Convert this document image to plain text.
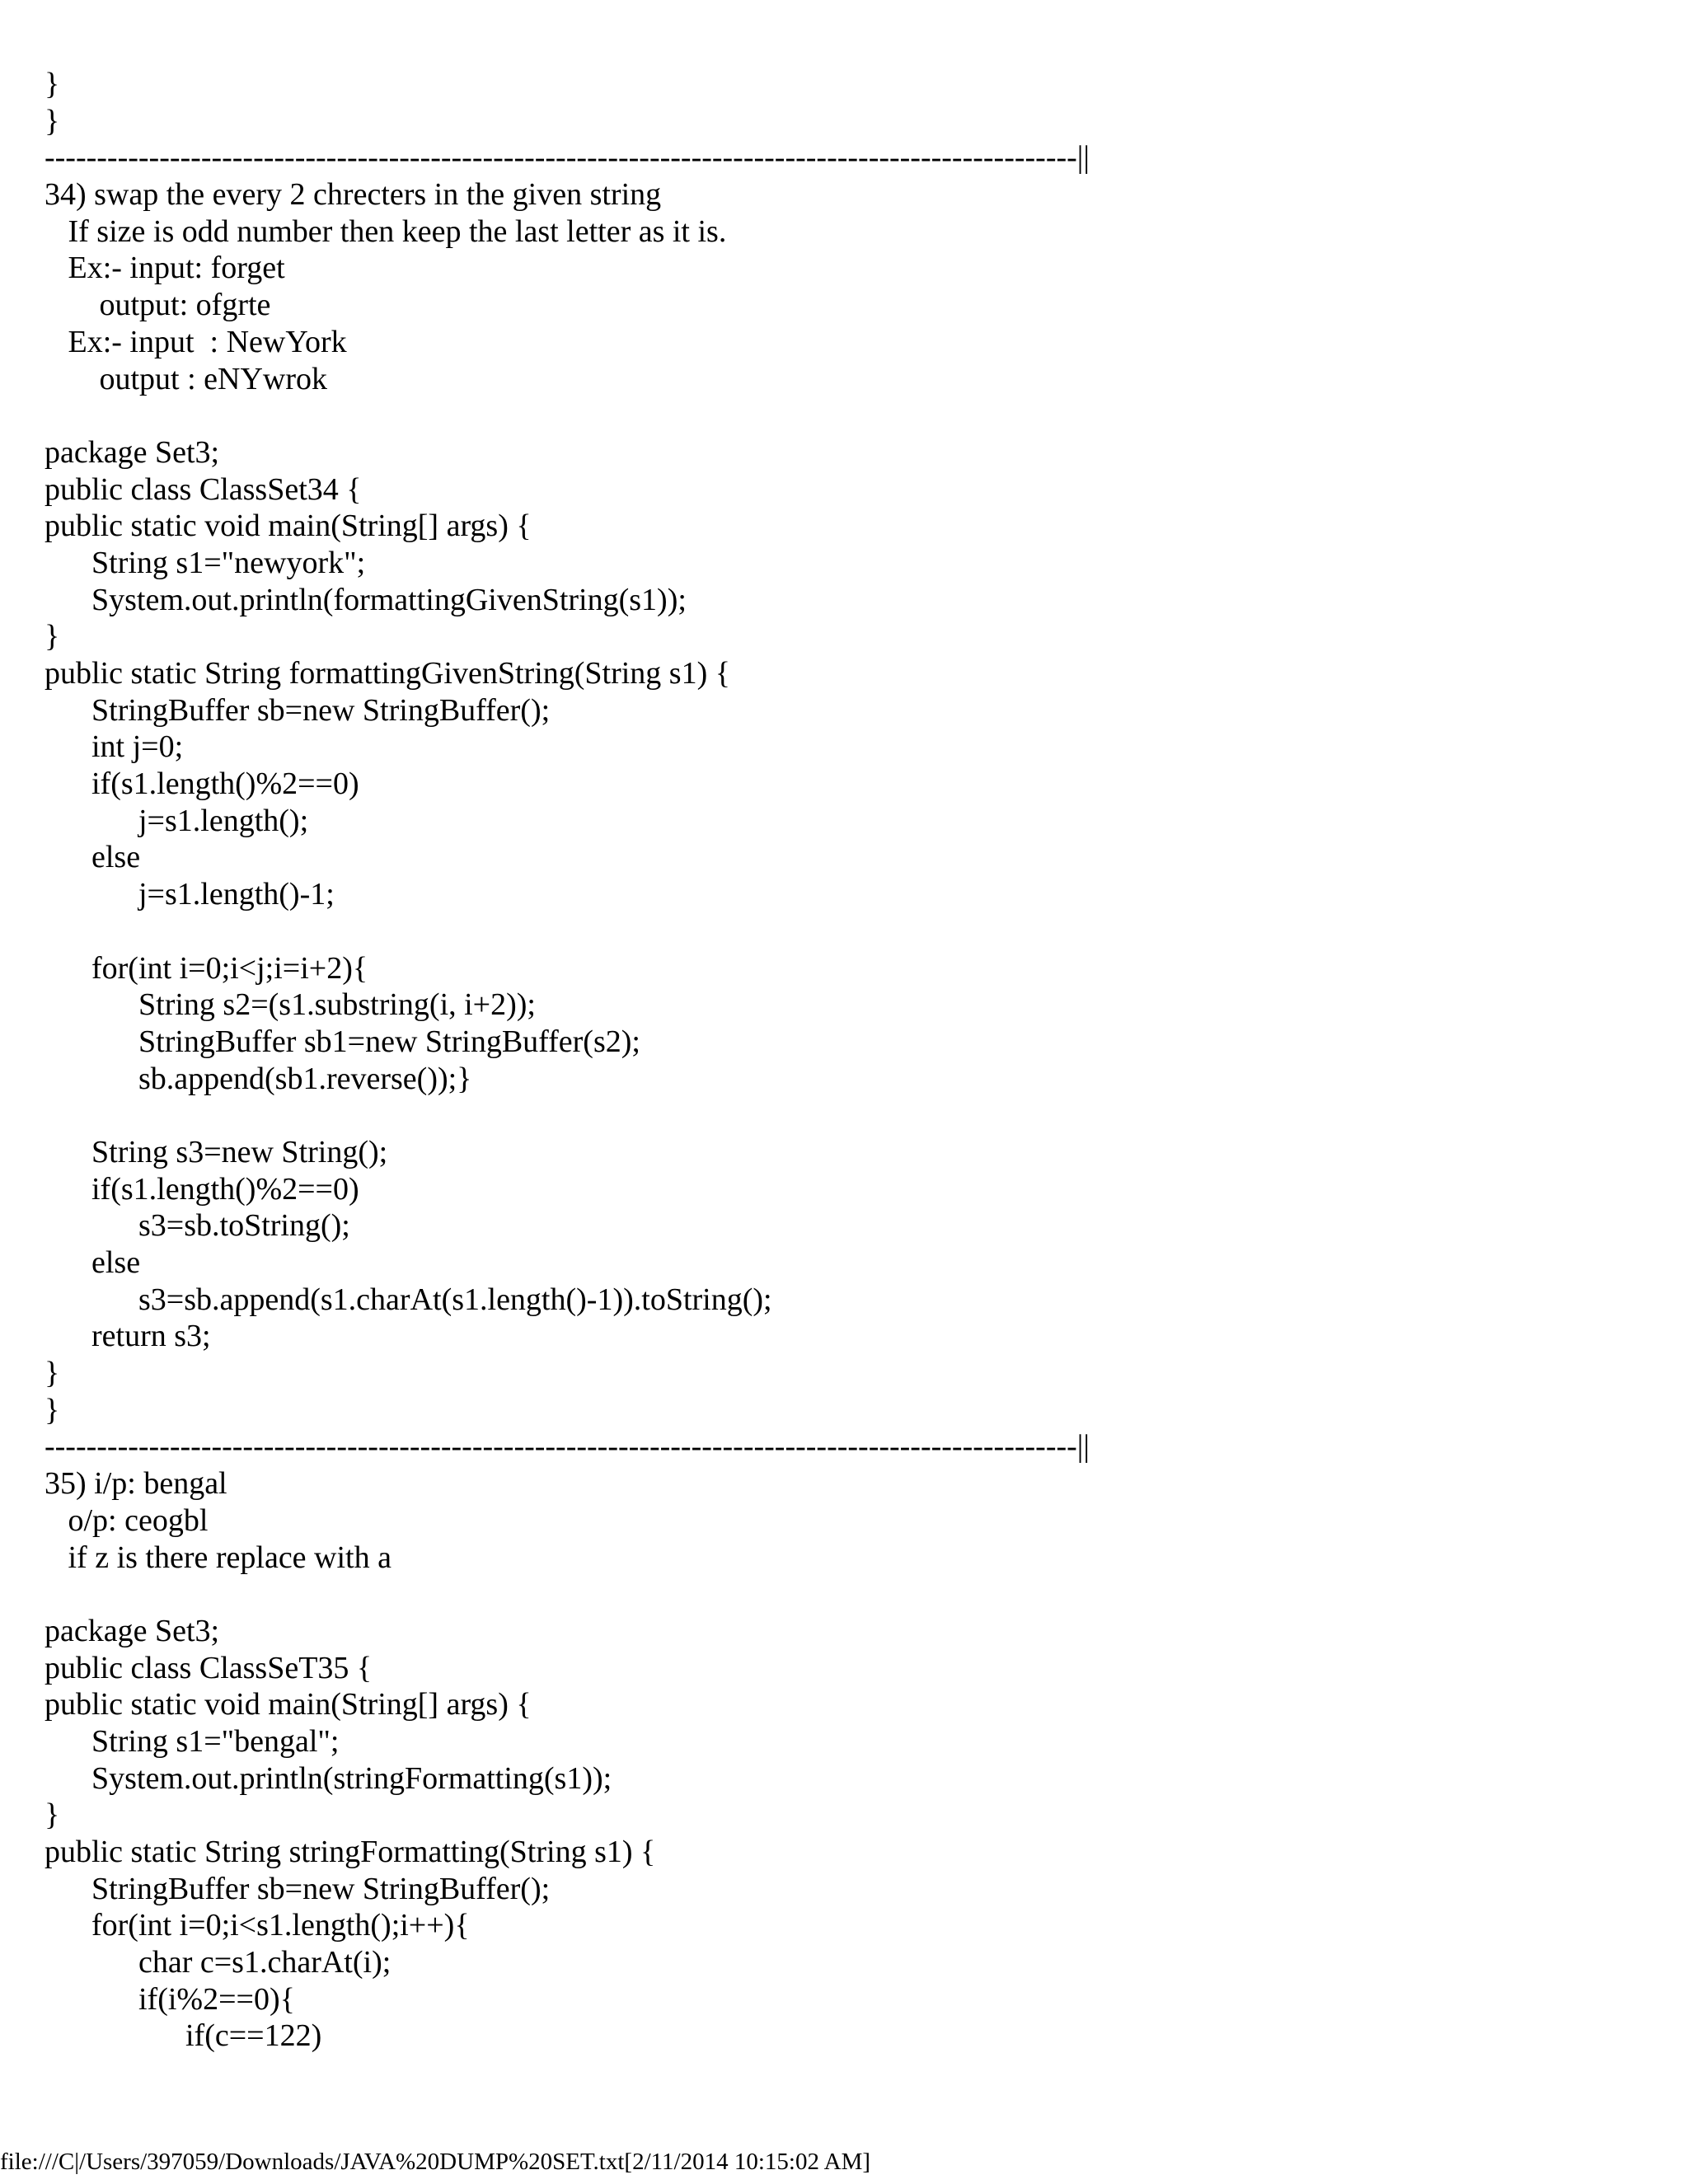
}
}
---------------------------------------------------------------------------------------------------||
34) swap the every 2 chrecters in the given string
If size is odd number then keep the last letter as it is.
Ex:- input: forget
output: ofgrte
Ex:- input  : NewYork
output : eNYwrok
package Set3;
public class ClassSet34 {
public static void main(String[] args) {
String s1="newyork";
System.out.println(formattingGivenString(s1));
}
public static String formattingGivenString(String s1) {
StringBuffer sb=new StringBuffer();
int j=0;
if(s1.length()%2==0)
j=s1.length();
else
j=s1.length()-1;
for(int i=0;i<j;i=i+2){
String s2=(s1.substring(i, i+2));
StringBuffer sb1=new StringBuffer(s2);
sb.append(sb1.reverse());}
String s3=new String();
if(s1.length()%2==0)
s3=sb.toString();
else
s3=sb.append(s1.charAt(s1.length()-1)).toString();
return s3;
}
}
---------------------------------------------------------------------------------------------------||
35) i/p: bengal
o/p: ceogbl
if z is there replace with a
package Set3;
public class ClassSeT35 {
public static void main(String[] args) {
String s1="bengal";
System.out.println(stringFormatting(s1));
}
public static String stringFormatting(String s1) {
StringBuffer sb=new StringBuffer();
for(int i=0;i<s1.length();i++){
char c=s1.charAt(i);
if(i%2==0){
if(c==122)
file:///C|/Users/397059/Downloads/JAVA%20DUMP%20SET.txt[2/11/2014 10:15:02 AM]
